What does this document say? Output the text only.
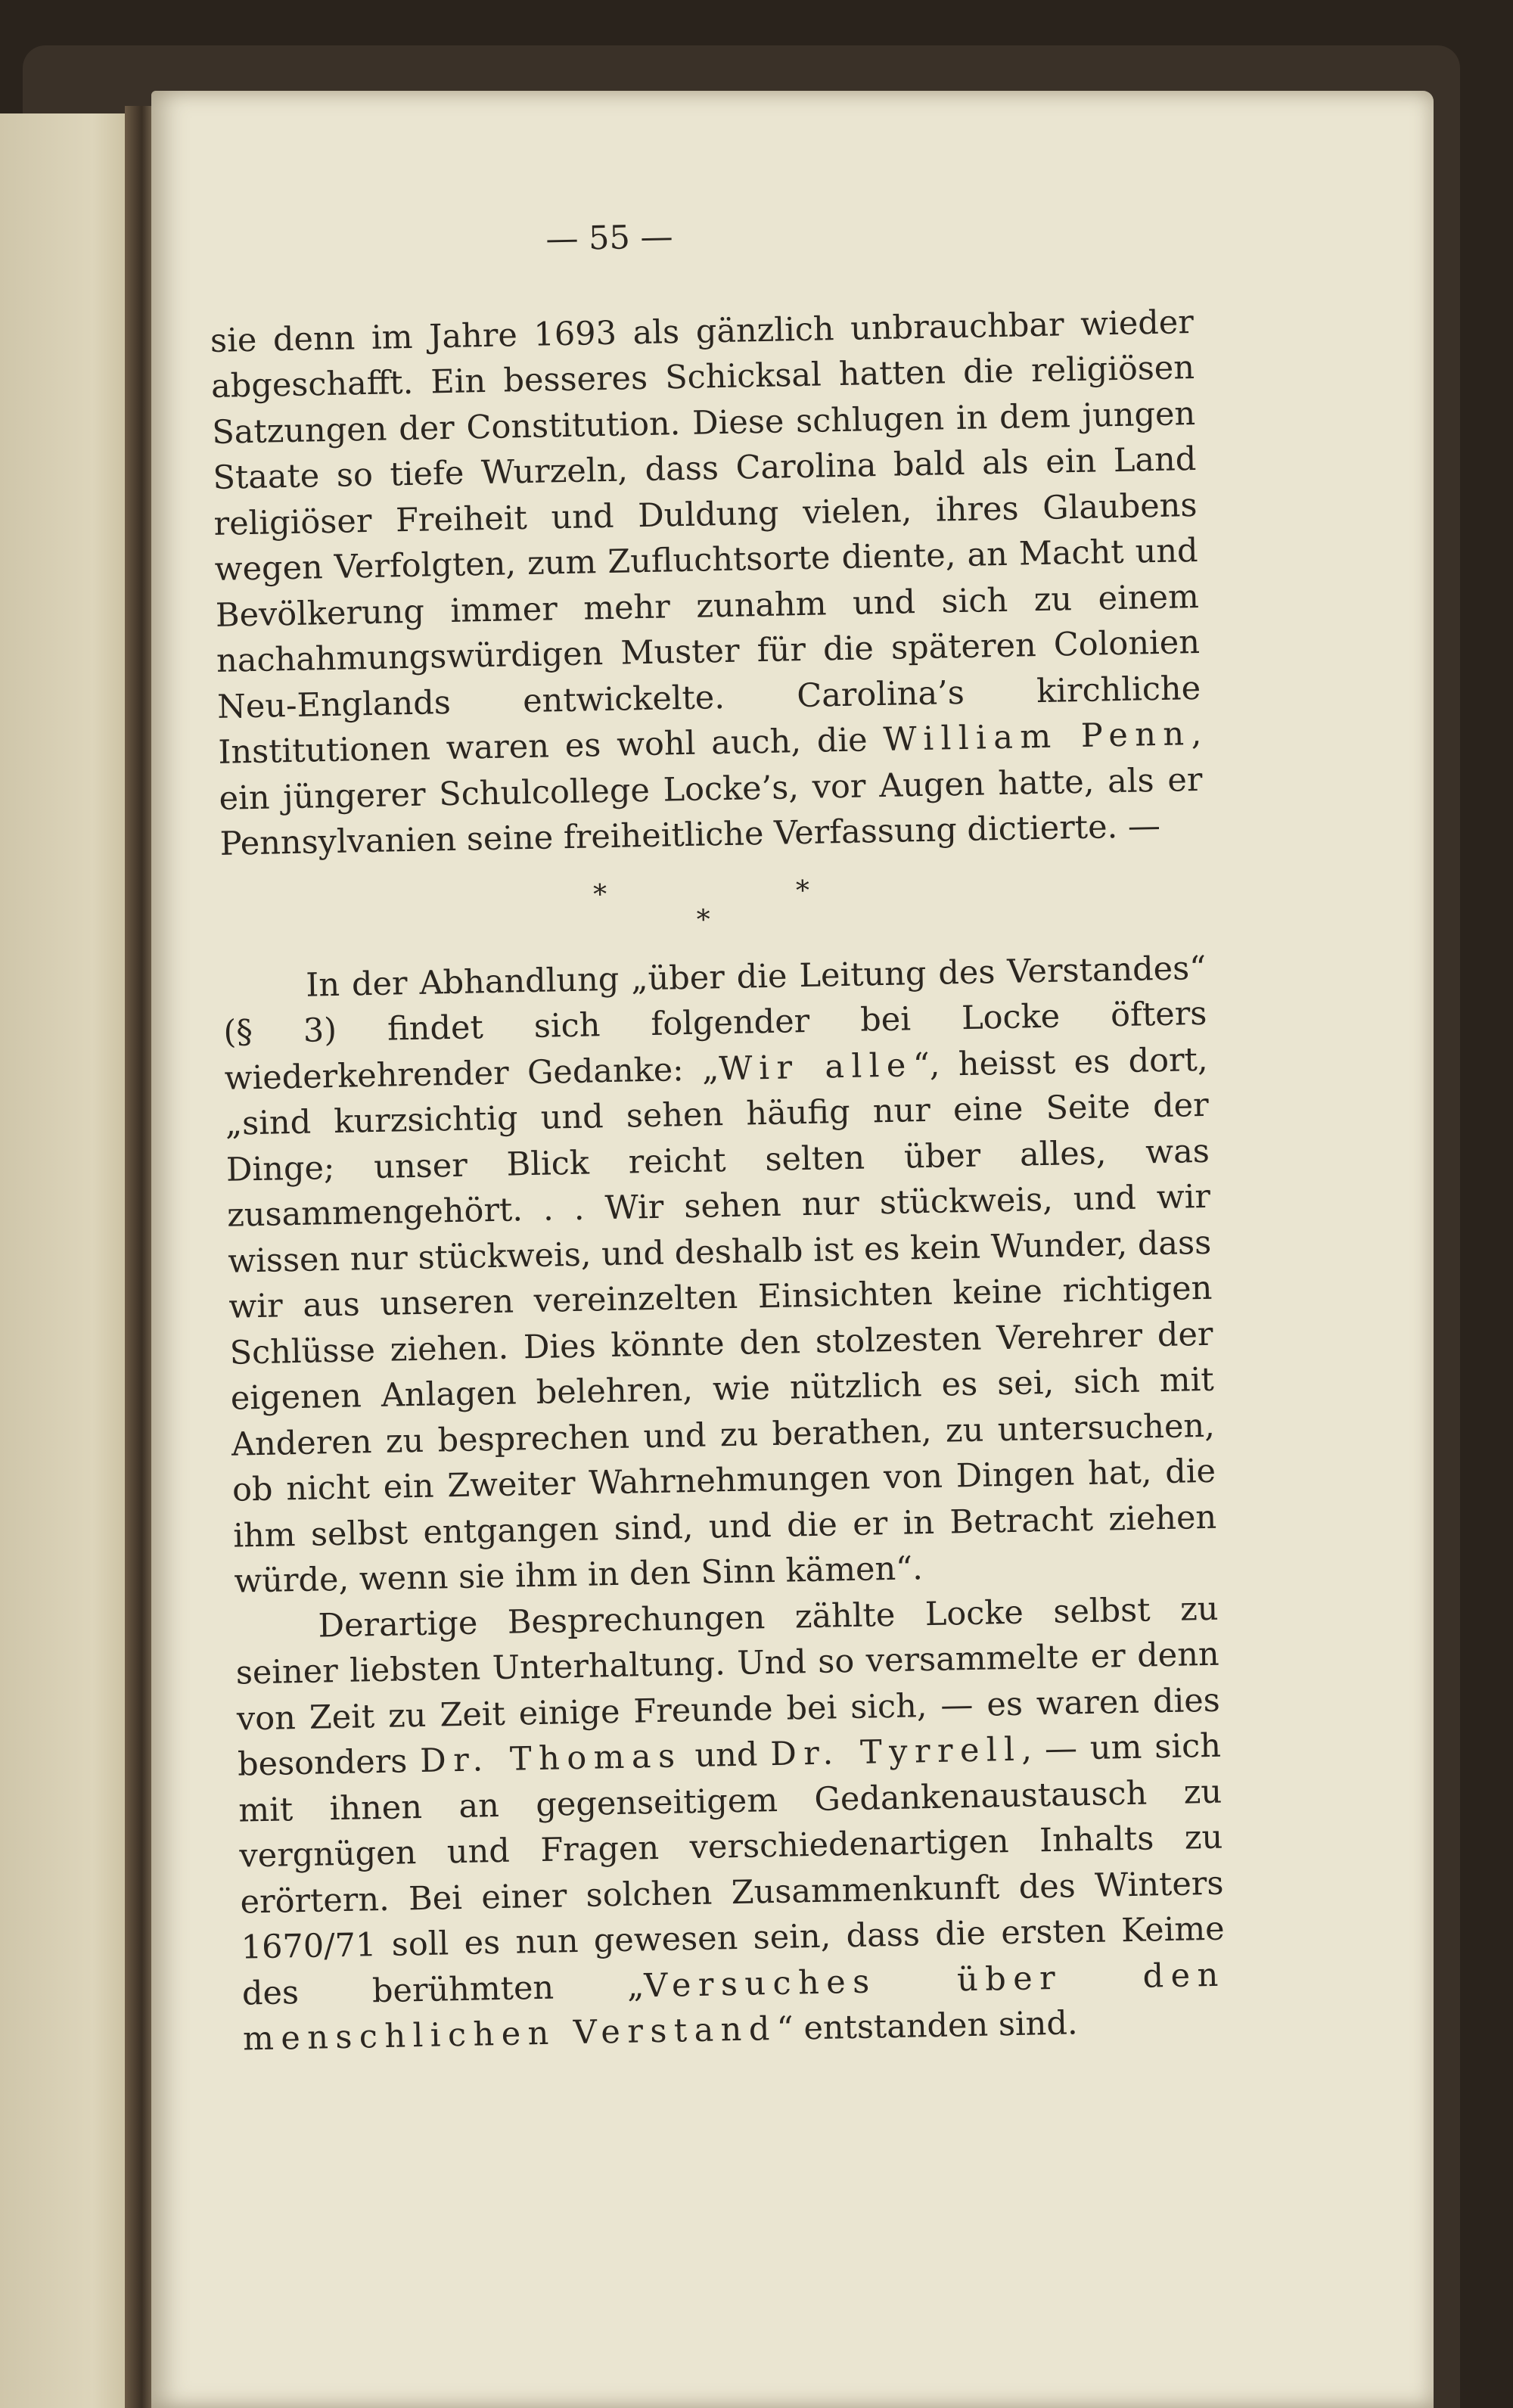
— 55 —

sie denn im Jahre 1693 als gänzlich unbrauchbar wieder abgeschafft. Ein besseres Schicksal hatten die religiösen Satzungen der Constitution. Diese schlugen in dem jungen Staate so tiefe Wurzeln, dass Carolina bald als ein Land religiöser Freiheit und Duldung vielen, ihres Glaubens wegen Verfolgten, zum Zufluchtsorte diente, an Macht und Bevölkerung immer mehr zunahm und sich zu einem nachahmungswürdigen Muster für die späteren Colonien Neu-Englands entwickelte. Carolina’s kirchliche Institutionen waren es wohl auch, die William Penn, ein jüngerer Schulcollege Locke’s, vor Augen hatte, als er Pennsylvanien seine freiheitliche Verfassung dictierte. —

*
*
*

In der Abhandlung „über die Leitung des Verstandes“ (§ 3) findet sich folgender bei Locke öfters wiederkehrender Gedanke: „Wir alle“, heisst es dort, „sind kurzsichtig und sehen häufig nur eine Seite der Dinge; unser Blick reicht selten über alles, was zusammengehört. . . Wir sehen nur stückweis, und wir wissen nur stückweis, und deshalb ist es kein Wunder, dass wir aus unseren vereinzelten Einsichten keine richtigen Schlüsse ziehen. Dies könnte den stolzesten Verehrer der eigenen Anlagen belehren, wie nützlich es sei, sich mit Anderen zu besprechen und zu berathen, zu untersuchen, ob nicht ein Zweiter Wahrnehmungen von Dingen hat, die ihm selbst entgangen sind, und die er in Betracht ziehen würde, wenn sie ihm in den Sinn kämen“.

Derartige Besprechungen zählte Locke selbst zu seiner liebsten Unterhaltung. Und so versammelte er denn von Zeit zu Zeit einige Freunde bei sich, — es waren dies besonders Dr. Thomas und Dr. Tyrrell, — um sich mit ihnen an gegenseitigem Gedankenaustausch zu vergnügen und Fragen verschiedenartigen Inhalts zu erörtern. Bei einer solchen Zusammenkunft des Winters 1670/71 soll es nun gewesen sein, dass die ersten Keime des berühmten „Versuches über den menschlichen Verstand“ entstanden sind.
